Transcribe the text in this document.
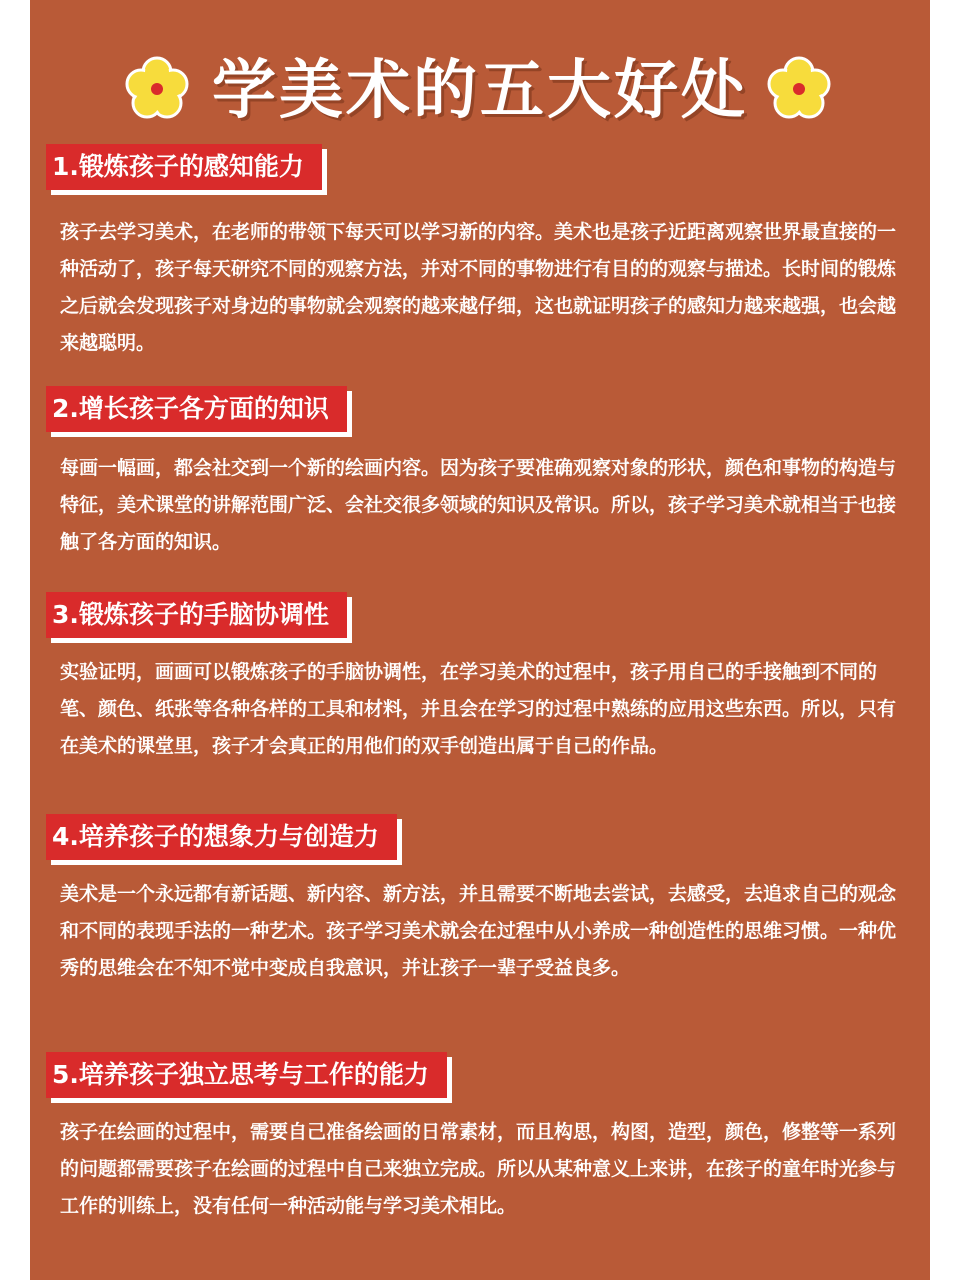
学美术的五大好处
1.锻炼孩子的感知能力

孩子去学习美术，在老师的带领下每天可以学习新的内容。美术也是孩子近距离观察世界最直接的一种活动了，孩子每天研究不同的观察方法，并对不同的事物进行有目的的观察与描述。长时间的锻炼之后就会发现孩子对身边的事物就会观察的越来越仔细，这也就证明孩子的感知力越来越强，也会越来越聪明。

2.增长孩子各方面的知识

每画一幅画，都会社交到一个新的绘画内容。因为孩子要准确观察对象的形状，颜色和事物的构造与特征，美术课堂的讲解范围广泛、会社交很多领域的知识及常识。所以，孩子学习美术就相当于也接触了各方面的知识。

3.锻炼孩子的手脑协调性

实验证明，画画可以锻炼孩子的手脑协调性，在学习美术的过程中，孩子用自己的手接触到不同的笔、颜色、纸张等各种各样的工具和材料，并且会在学习的过程中熟练的应用这些东西。所以，只有在美术的课堂里，孩子才会真正的用他们的双手创造出属于自己的作品。

4.培养孩子的想象力与创造力

美术是一个永远都有新话题、新内容、新方法，并且需要不断地去尝试，去感受，去追求自己的观念和不同的表现手法的一种艺术。孩子学习美术就会在过程中从小养成一种创造性的思维习惯。一种优秀的思维会在不知不觉中变成自我意识，并让孩子一辈子受益良多。

5.培养孩子独立思考与工作的能力

孩子在绘画的过程中，需要自己准备绘画的日常素材，而且构思，构图，造型，颜色，修整等一系列的问题都需要孩子在绘画的过程中自己来独立完成。所以从某种意义上来讲，在孩子的童年时光参与工作的训练上，没有任何一种活动能与学习美术相比。
